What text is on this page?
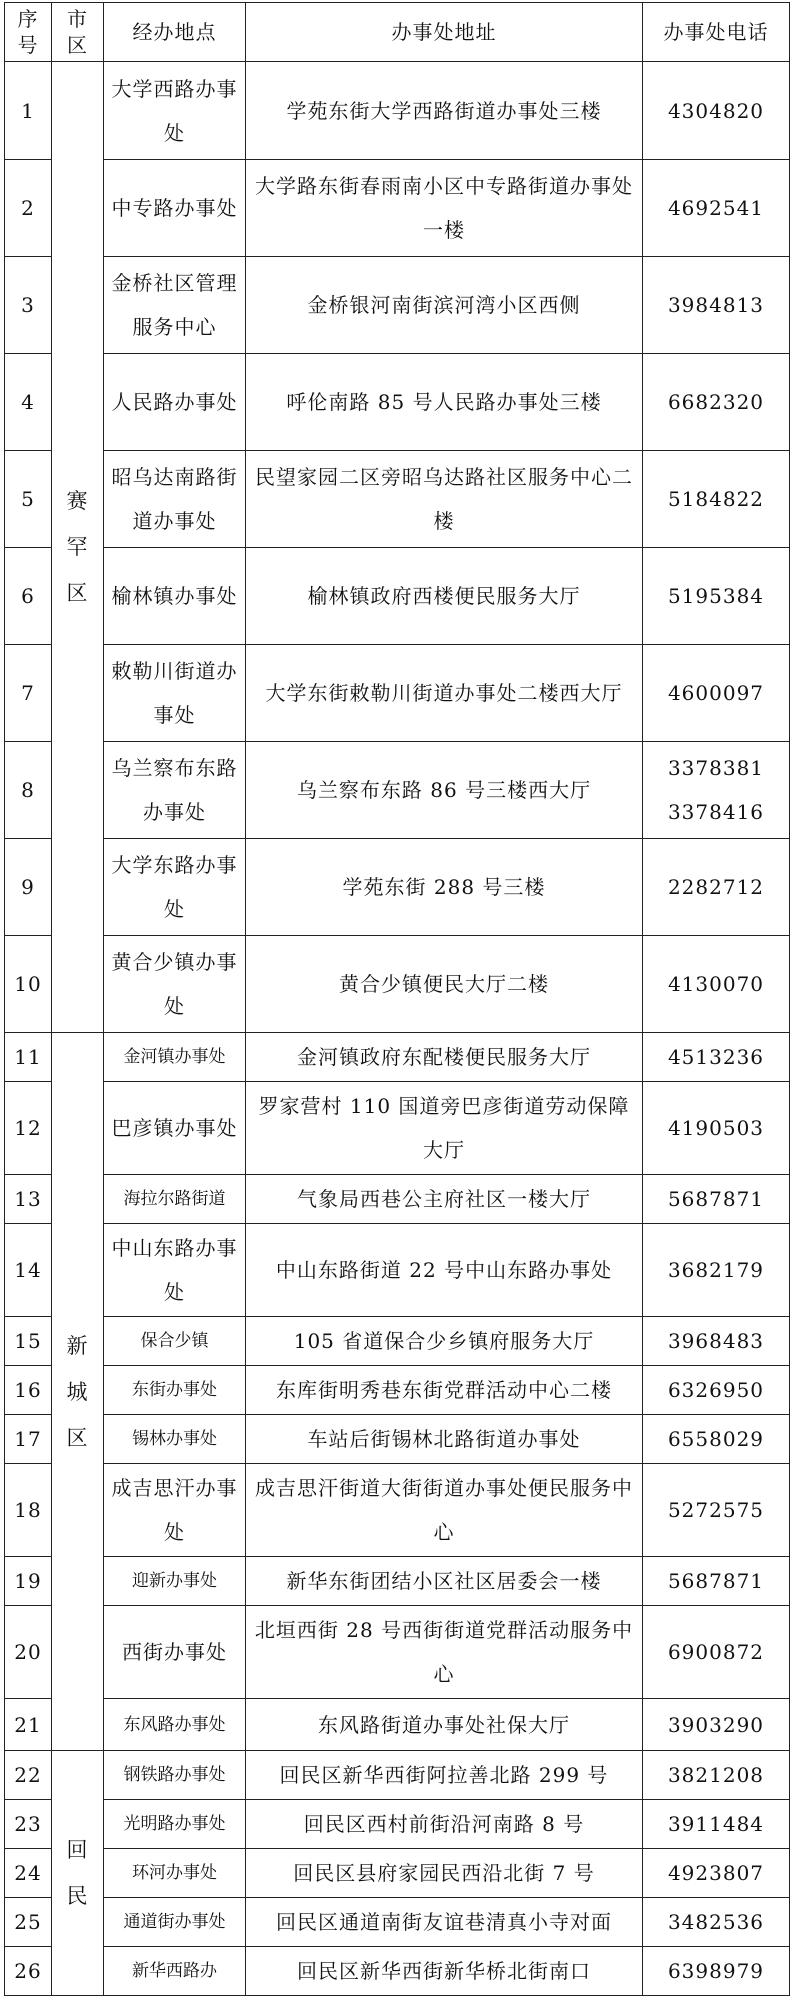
序号	市区	经办地点	办事处地址	办事处电话
1	赛罕区	大学西路办事处	学苑东街大学西路街道办事处三楼	4304820

2		中专路办事处	大学路东街春雨南小区中专路街道办事处一楼	4692541

3		金桥社区管理服务中心	金桥银河南街滨河湾小区西侧	3984813

4		人民路办事处	呼伦南路 85 号人民路办事处三楼	6682320

5		昭乌达南路街道办事处	民望家园二区旁昭乌达路社区服务中心二楼	5184822

6		榆林镇办事处	榆林镇政府西楼便民服务大厅	5195384

7		敕勒川街道办事处	大学东街敕勒川街道办事处二楼西大厅	4600097

8		乌兰察布东路办事处	乌兰察布东路 86 号三楼西大厅	3378381
3378416

9		大学东路办事处	学苑东街 288 号三楼	2282712

10		黄合少镇办事处	黄合少镇便民大厅二楼	4130070

11	新城区	金河镇办事处	金河镇政府东配楼便民服务大厅	4513236

12		巴彦镇办事处	罗家营村 110 国道旁巴彦街道劳动保障大厅	4190503

13		海拉尔路街道	气象局西巷公主府社区一楼大厅	5687871

14		中山东路办事处	中山东路街道 22 号中山东路办事处	3682179

15		保合少镇	105 省道保合少乡镇府服务大厅	3968483

16		东街办事处	东库街明秀巷东街党群活动中心二楼	6326950

17		锡林办事处	车站后街锡林北路街道办事处	6558029

18		成吉思汗办事处	成吉思汗街道大街街道办事处便民服务中心	5272575

19		迎新办事处	新华东街团结小区社区居委会一楼	5687871

20		西街办事处	北垣西街 28 号西街街道党群活动服务中心	6900872

21		东风路办事处	东风路街道办事处社保大厅	3903290

22	回民	钢铁路办事处	回民区新华西街阿拉善北路 299 号	3821208

23		光明路办事处	回民区西村前街沿河南路 8 号	3911484

24		环河办事处	回民区县府家园民西沿北街 7 号	4923807

25		通道街办事处	回民区通道南街友谊巷清真小寺对面	3482536

26		新华西路办	回民区新华西街新华桥北街南口	6398979
